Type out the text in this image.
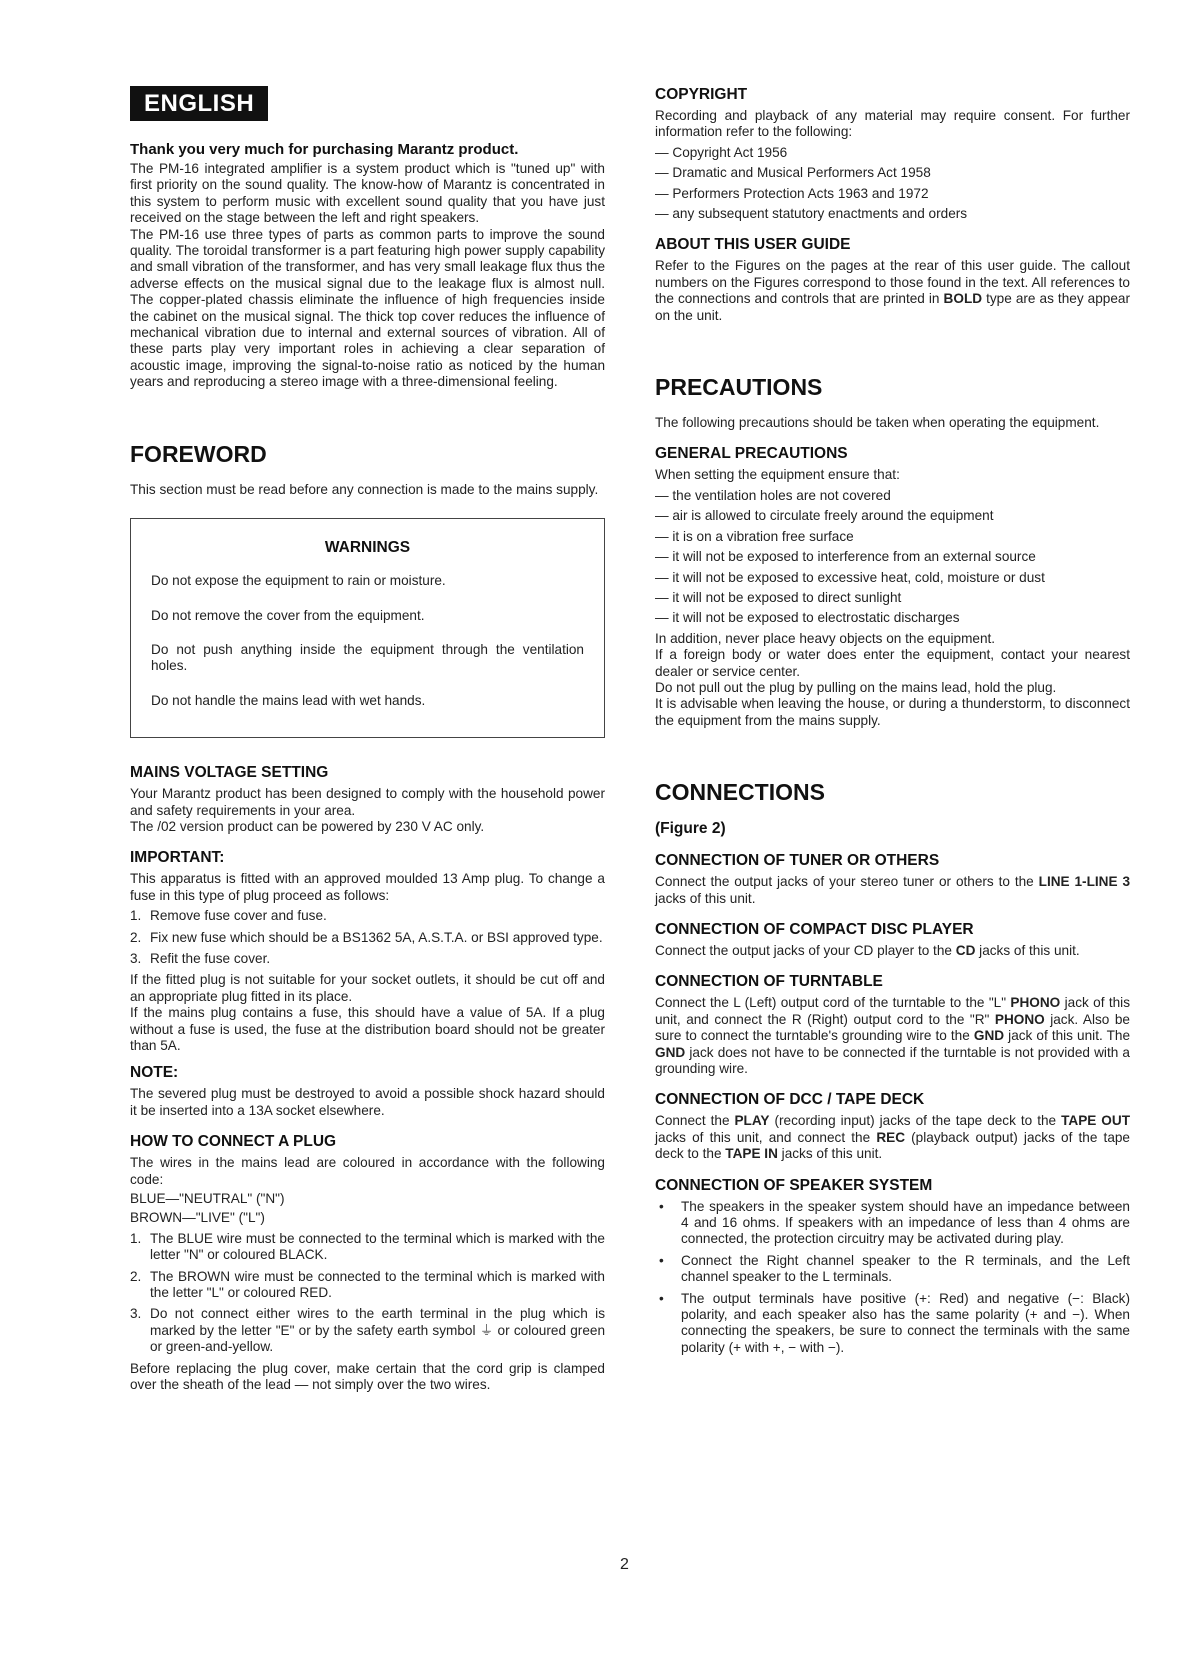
ENGLISH
Thank you very much for purchasing Marantz product.

The PM-16 integrated amplifier is a system product which is "tuned up" with first priority on the sound quality. The know-how of Marantz is concentrated in this system to perform music with excellent sound quality that you have just received on the stage between the left and right speakers.

The PM-16 use three types of parts as common parts to improve the sound quality. The toroidal transformer is a part featuring high power supply capability and small vibration of the transformer, and has very small leakage flux thus the adverse effects on the musical signal due to the leakage flux is almost null. The copper-plated chassis eliminate the influence of high frequencies inside the cabinet on the musical signal. The thick top cover reduces the influence of mechanical vibration due to internal and external sources of vibration. All of these parts play very important roles in achieving a clear separation of acoustic image, improving the signal-to-noise ratio as noticed by the human years and reproducing a stereo image with a three-dimensional feeling.

FOREWORD

This section must be read before any connection is made to the mains supply.

WARNINGS

Do not expose the equipment to rain or moisture.

Do not remove the cover from the equipment.

Do not push anything inside the equipment through the ventilation holes.

Do not handle the mains lead with wet hands.

MAINS VOLTAGE SETTING

Your Marantz product has been designed to comply with the household power and safety requirements in your area.

The /02 version product can be powered by 230 V AC only.

IMPORTANT:

This apparatus is fitted with an approved moulded 13 Amp plug. To change a fuse in this type of plug proceed as follows:

1. Remove fuse cover and fuse.
2. Fix new fuse which should be a BS1362 5A, A.S.T.A. or BSI approved type.
3. Refit the fuse cover.

If the fitted plug is not suitable for your socket outlets, it should be cut off and an appropriate plug fitted in its place.

If the mains plug contains a fuse, this should have a value of 5A. If a plug without a fuse is used, the fuse at the distribution board should not be greater than 5A.

NOTE:

The severed plug must be destroyed to avoid a possible shock hazard should it be inserted into a 13A socket elsewhere.

HOW TO CONNECT A PLUG

The wires in the mains lead are coloured in accordance with the following code:

BLUE—"NEUTRAL" ("N")

BROWN—"LIVE" ("L")

1. The BLUE wire must be connected to the terminal which is marked with the letter "N" or coloured BLACK.
2. The BROWN wire must be connected to the terminal which is marked with the letter "L" or coloured RED.
3. Do not connect either wires to the earth terminal in the plug which is marked by the letter "E" or by the safety earth symbol ⏚ or coloured green or green-and-yellow.

Before replacing the plug cover, make certain that the cord grip is clamped over the sheath of the lead — not simply over the two wires.

COPYRIGHT

Recording and playback of any material may require consent. For further information refer to the following:

— Copyright Act 1956

— Dramatic and Musical Performers Act 1958

— Performers Protection Acts 1963 and 1972

— any subsequent statutory enactments and orders

ABOUT THIS USER GUIDE

Refer to the Figures on the pages at the rear of this user guide. The callout numbers on the Figures correspond to those found in the text. All references to the connections and controls that are printed in BOLD type are as they appear on the unit.

PRECAUTIONS

The following precautions should be taken when operating the equipment.

GENERAL PRECAUTIONS

When setting the equipment ensure that:

— the ventilation holes are not covered

— air is allowed to circulate freely around the equipment

— it is on a vibration free surface

— it will not be exposed to interference from an external source

— it will not be exposed to excessive heat, cold, moisture or dust

— it will not be exposed to direct sunlight

— it will not be exposed to electrostatic discharges

In addition, never place heavy objects on the equipment.

If a foreign body or water does enter the equipment, contact your nearest dealer or service center.

Do not pull out the plug by pulling on the mains lead, hold the plug.

It is advisable when leaving the house, or during a thunderstorm, to disconnect the equipment from the mains supply.

CONNECTIONS
(Figure 2)
CONNECTION OF TUNER OR OTHERS

Connect the output jacks of your stereo tuner or others to the LINE 1-LINE 3 jacks of this unit.

CONNECTION OF COMPACT DISC PLAYER

Connect the output jacks of your CD player to the CD jacks of this unit.

CONNECTION OF TURNTABLE

Connect the L (Left) output cord of the turntable to the "L" PHONO jack of this unit, and connect the R (Right) output cord to the "R" PHONO jack. Also be sure to connect the turntable's grounding wire to the GND jack of this unit. The GND jack does not have to be connected if the turntable is not provided with a grounding wire.

CONNECTION OF DCC / TAPE DECK

Connect the PLAY (recording input) jacks of the tape deck to the TAPE OUT jacks of this unit, and connect the REC (playback output) jacks of the tape deck to the TAPE IN jacks of this unit.

CONNECTION OF SPEAKER SYSTEM
•	The speakers in the speaker system should have an impedance between 4 and 16 ohms. If speakers with an impedance of less than 4 ohms are connected, the protection circuitry may be activated during play.
•	Connect the Right channel speaker to the R terminals, and the Left channel speaker to the L terminals.
•	The output terminals have positive (+: Red) and negative (−: Black) polarity, and each speaker also has the same polarity (+ and −). When connecting the speakers, be sure to connect the terminals with the same polarity (+ with +, − with −).
2
